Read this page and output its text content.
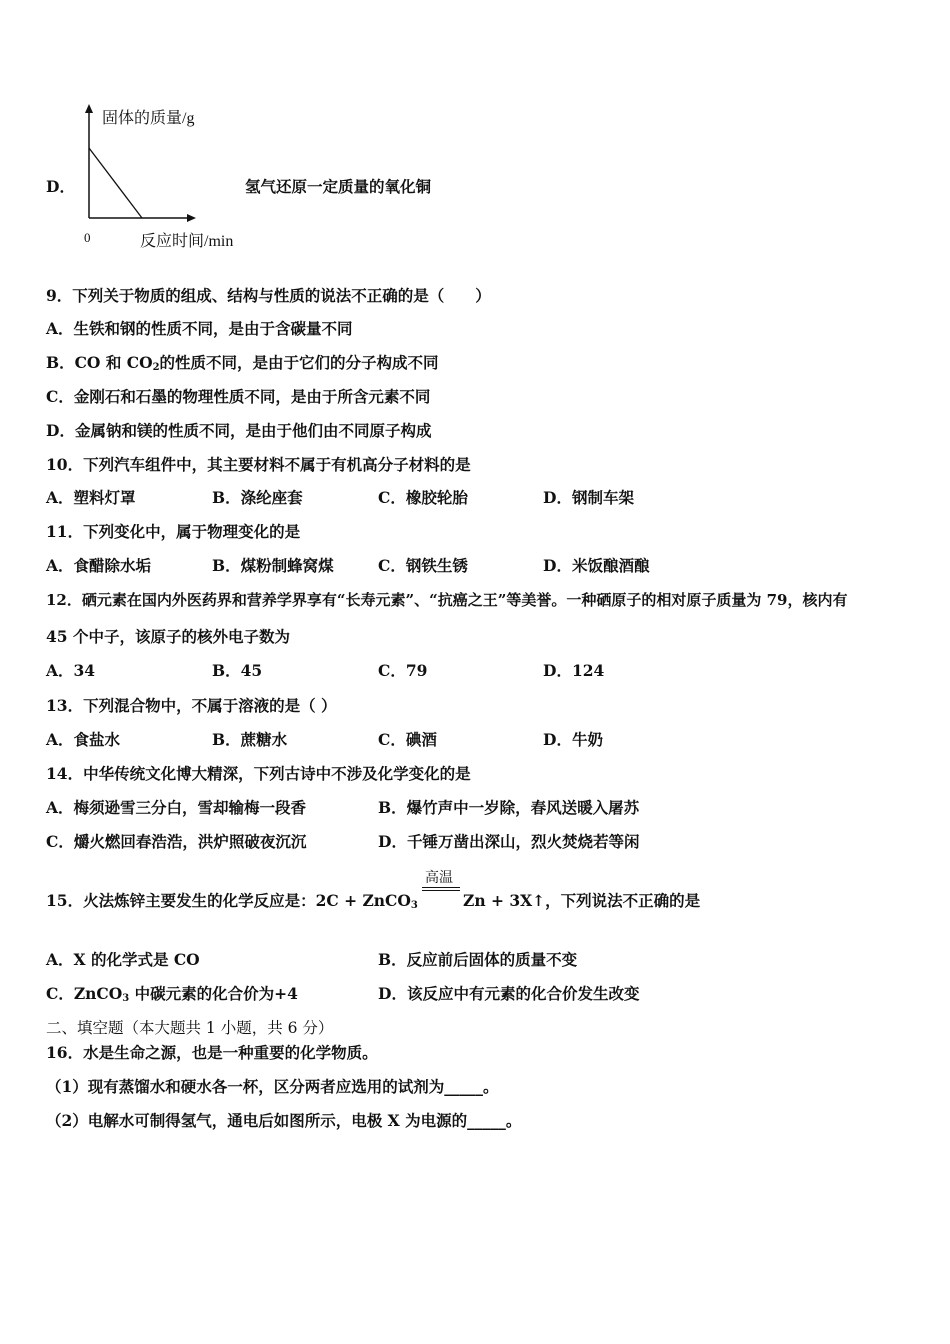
D．
固体的质量/g
0	反应时间/min
氢气还原一定质量的氧化铜
9．下列关于物质的组成、结构与性质的说法不正确的是（　　）
A．生铁和钢的性质不同，是由于含碳量不同
B．CO 和 $CO_2$的性质不同，是由于它们的分子构成不同
C．金刚石和石墨的物理性质不同，是由于所含元素不同
D．金属钠和镁的性质不同，是由于他们由不同原子构成
10．下列汽车组件中，其主要材料不属于有机高分子材料的是
A．塑料灯罩	B．涤纶座套	C．橡胶轮胎	D．钢制车架
11．下列变化中，属于物理变化的是
A．食醋除水垢	B．煤粉制蜂窝煤	C．钢铁生锈	D．米饭酿酒酿
12．硒元素在国内外医药界和营养学界享有“长寿元素”、“抗癌之王”等美誉。一种硒原子的相对原子质量为 79，核内有
45 个中子，该原子的核外电子数为
A．34	B．45	C．79	D．124
13．下列混合物中，不属于溶液的是（ ）
A．食盐水	B．蔗糖水	C．碘酒	D．牛奶
14．中华传统文化博大精深，下列古诗中不涉及化学变化的是
A．梅须逊雪三分白，雪却输梅一段香	B．爆竹声中一岁除，春风送暖入屠苏
C．爝火燃回春浩浩，洪炉照破夜沉沉	D．千锤万凿出深山，烈火焚烧若等闲
15．火法炼锌主要发生的化学反应是：2C + ZnCO$_3$
高温
Zn + 3X↑，下列说法不正确的是
A．X 的化学式是 CO	B．反应前后固体的质量不变
C．ZnCO$_3$ 中碳元素的化合价为+4	D．该反应中有元素的化合价发生改变
二、填空题（本大题共 1 小题，共 6 分）
16．水是生命之源，也是一种重要的化学物质。
（1）现有蒸馏水和硬水各一杯，区分两者应选用的试剂为_____。
（2）电解水可制得氢气，通电后如图所示，电极 X 为电源的_____。
